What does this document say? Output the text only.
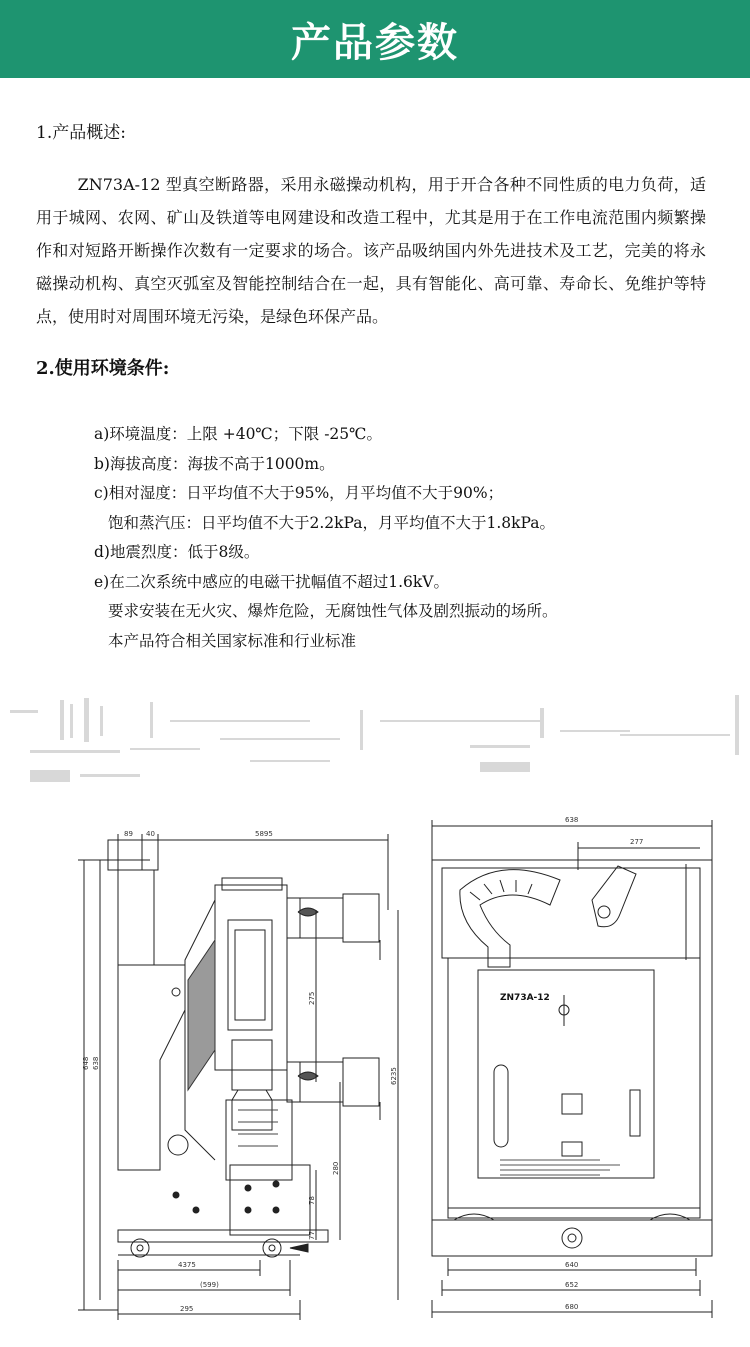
产品参数
1.产品概述:

ZN73A-12 型真空断路器，采用永磁操动机构，用于开合各种不同性质的电力负荷，适用于城网、农网、矿山及铁道等电网建设和改造工程中，尤其是用于在工作电流范围内频繁操作和对短路开断操作次数有一定要求的场合。该产品吸纳国内外先进技术及工艺，完美的将永磁操动机构、真空灭弧室及智能控制结合在一起，具有智能化、高可靠、寿命长、免维护等特点，使用时对周围环境无污染，是绿色环保产品。

2.使用环境条件:
a)环境温度：上限 +40℃；下限 -25℃。
b)海拔高度：海拔不高于1000m。
c)相对湿度：日平均值不大于95%，月平均值不大于90%；
饱和蒸汽压：日平均值不大于2.2kPa，月平均值不大于1.8kPa。
d)地震烈度：低于8级。
e)在二次系统中感应的电磁干扰幅值不超过1.6kV。
要求安装在无火灾、爆炸危险，无腐蚀性气体及剧烈振动的场所。
本产品符合相关国家标准和行业标准
89 40	5895
648 638
6235
275
280
78
77
4375
(599)
295
638
277
ZN73A-12
640
652
680
